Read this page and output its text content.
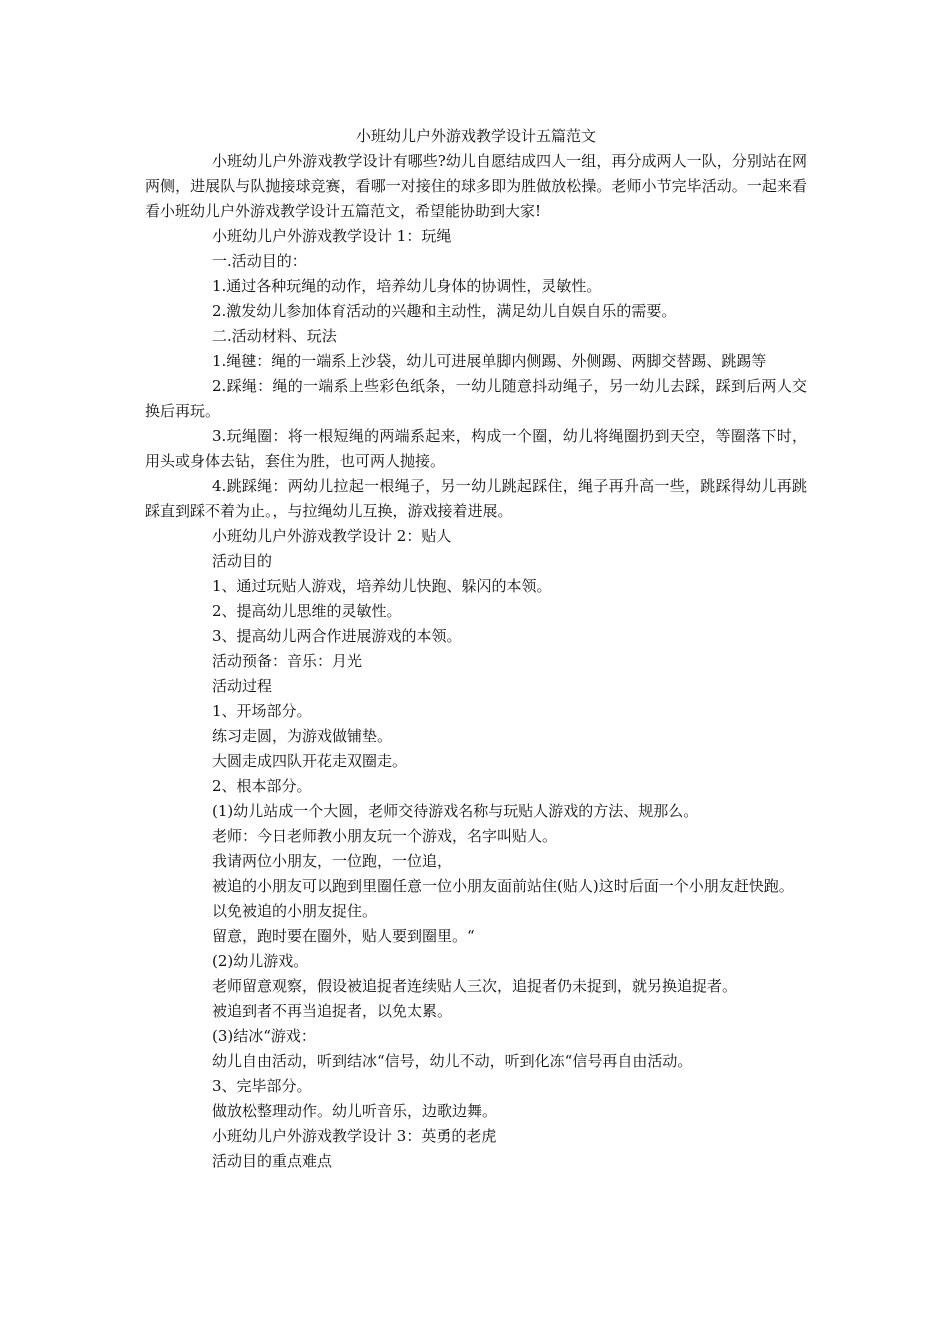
小班幼儿户外游戏教学设计五篇范文

小班幼儿户外游戏教学设计有哪些?幼儿自愿结成四人一组，再分成两人一队，分别站在网两侧，进展队与队抛接球竞赛，看哪一对接住的球多即为胜做放松操。老师小节完毕活动。一起来看看小班幼儿户外游戏教学设计五篇范文，希望能协助到大家!

小班幼儿户外游戏教学设计 1：玩绳

一.活动目的：

1.通过各种玩绳的动作，培养幼儿身体的协调性，灵敏性。

2.激发幼儿参加体育活动的兴趣和主动性，满足幼儿自娱自乐的需要。

二.活动材料、玩法

1.绳毽：绳的一端系上沙袋，幼儿可进展单脚内侧踢、外侧踢、两脚交替踢、跳踢等

2.踩绳：绳的一端系上些彩色纸条，一幼儿随意抖动绳子，另一幼儿去踩，踩到后两人交换后再玩。

3.玩绳圈：将一根短绳的两端系起来，构成一个圈，幼儿将绳圈扔到天空，等圈落下时，用头或身体去钻，套住为胜，也可两人抛接。

4.跳踩绳：两幼儿拉起一根绳子，另一幼儿跳起踩住，绳子再升高一些，跳踩得幼儿再跳踩直到踩不着为止。，与拉绳幼儿互换，游戏接着进展。

小班幼儿户外游戏教学设计 2：贴人

活动目的

1、通过玩贴人游戏，培养幼儿快跑、躲闪的本领。

2、提高幼儿思维的灵敏性。

3、提高幼儿两合作进展游戏的本领。

活动预备：音乐：月光

活动过程

1、开场部分。

练习走圆，为游戏做铺垫。

大圆走成四队开花走双圈走。

2、根本部分。

(1)幼儿站成一个大圆，老师交待游戏名称与玩贴人游戏的方法、规那么。

老师：今日老师教小朋友玩一个游戏，名字叫贴人。

我请两位小朋友，一位跑，一位追，

被追的小朋友可以跑到里圈任意一位小朋友面前站住(贴人)这时后面一个小朋友赶快跑。

以免被追的小朋友捉住。

留意，跑时要在圈外，贴人要到圈里。“

(2)幼儿游戏。

老师留意观察，假设被追捉者连续贴人三次，追捉者仍未捉到，就另换追捉者。

被追到者不再当追捉者，以免太累。

(3)结冰“游戏：

幼儿自由活动，听到结冰“信号，幼儿不动，听到化冻“信号再自由活动。

3、完毕部分。

做放松整理动作。幼儿听音乐，边歌边舞。

小班幼儿户外游戏教学设计 3：英勇的老虎

活动目的重点难点
